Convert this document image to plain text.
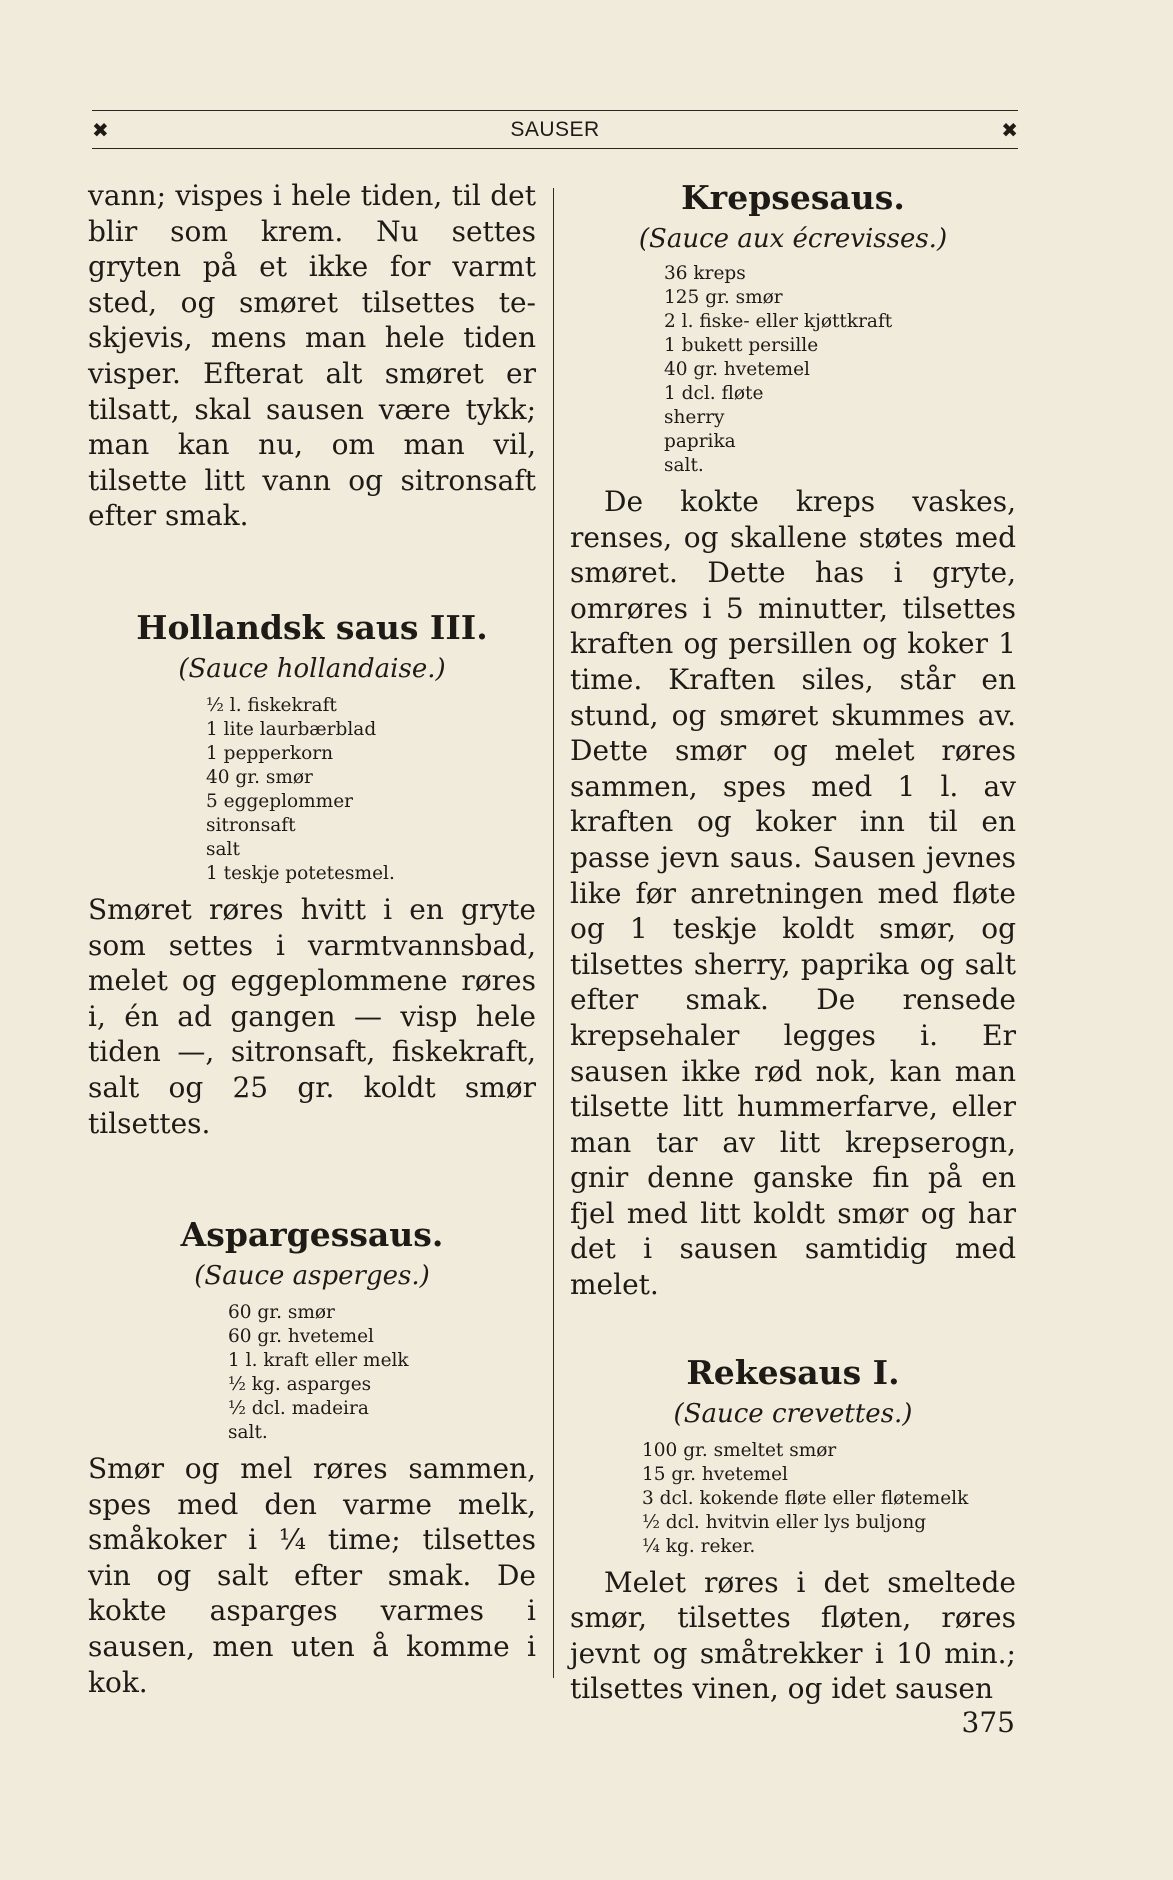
✖	SAUSER	✖

vann; vispes i hele tiden, til det blir som krem. Nu settes gryten på et ikke for varmt sted, og smøret tilsettes teskjevis, mens man hele tiden visper. Efterat alt smøret er tilsatt, skal sausen være tykk; man kan nu, om man vil, tilsette litt vann og sitronsaft efter smak.

Hollandsk saus III.
(Sauce hollandaise.)
½ l. fiskekraft
1 lite laurbærblad
1 pepperkorn
40 gr. smør
5 eggeplommer
sitronsaft
salt
1 teskje potetesmel.

Smøret røres hvitt i en gryte som settes i varmtvannsbad, melet og eggeplommene røres i, én ad gangen — visp hele tiden —, sitronsaft, fiskekraft, salt og 25 gr. koldt smør tilsettes.

Aspargessaus.
(Sauce asperges.)
60 gr. smør
60 gr. hvetemel
1 l. kraft eller melk
½ kg. asparges
½ dcl. madeira
salt.

Smør og mel røres sammen, spes med den varme melk, småkoker i ¼ time; tilsettes vin og salt efter smak. De kokte asparges varmes i sausen, men uten å komme i kok.

Krepsesaus.
(Sauce aux écrevisses.)
36 kreps
125 gr. smør
2 l. fiske- eller kjøttkraft
1 bukett persille
40 gr. hvetemel
1 dcl. fløte
sherry
paprika
salt.

De kokte kreps vaskes, renses, og skallene støtes med smøret. Dette has i gryte, omrøres i 5 minutter, tilsettes kraften og persillen og koker 1 time. Kraften siles, står en stund, og smøret skummes av. Dette smør og melet røres sammen, spes med 1 l. av kraften og koker inn til en passe jevn saus. Sausen jevnes like før anretningen med fløte og 1 teskje koldt smør, og tilsettes sherry, paprika og salt efter smak. De rensede krepsehaler legges i. Er sausen ikke rød nok, kan man tilsette litt hummerfarve, eller man tar av litt krepserogn, gnir denne ganske fin på en fjel med litt koldt smør og har det i sausen samtidig med melet.

Rekesaus I.
(Sauce crevettes.)
100 gr. smeltet smør
15 gr. hvetemel
3 dcl. kokende fløte eller fløtemelk
½ dcl. hvitvin eller lys buljong
¼ kg. reker.

Melet røres i det smeltede smør, tilsettes fløten, røres jevnt og småtrekker i 10 min.; tilsettes vinen, og idet sausen

375
